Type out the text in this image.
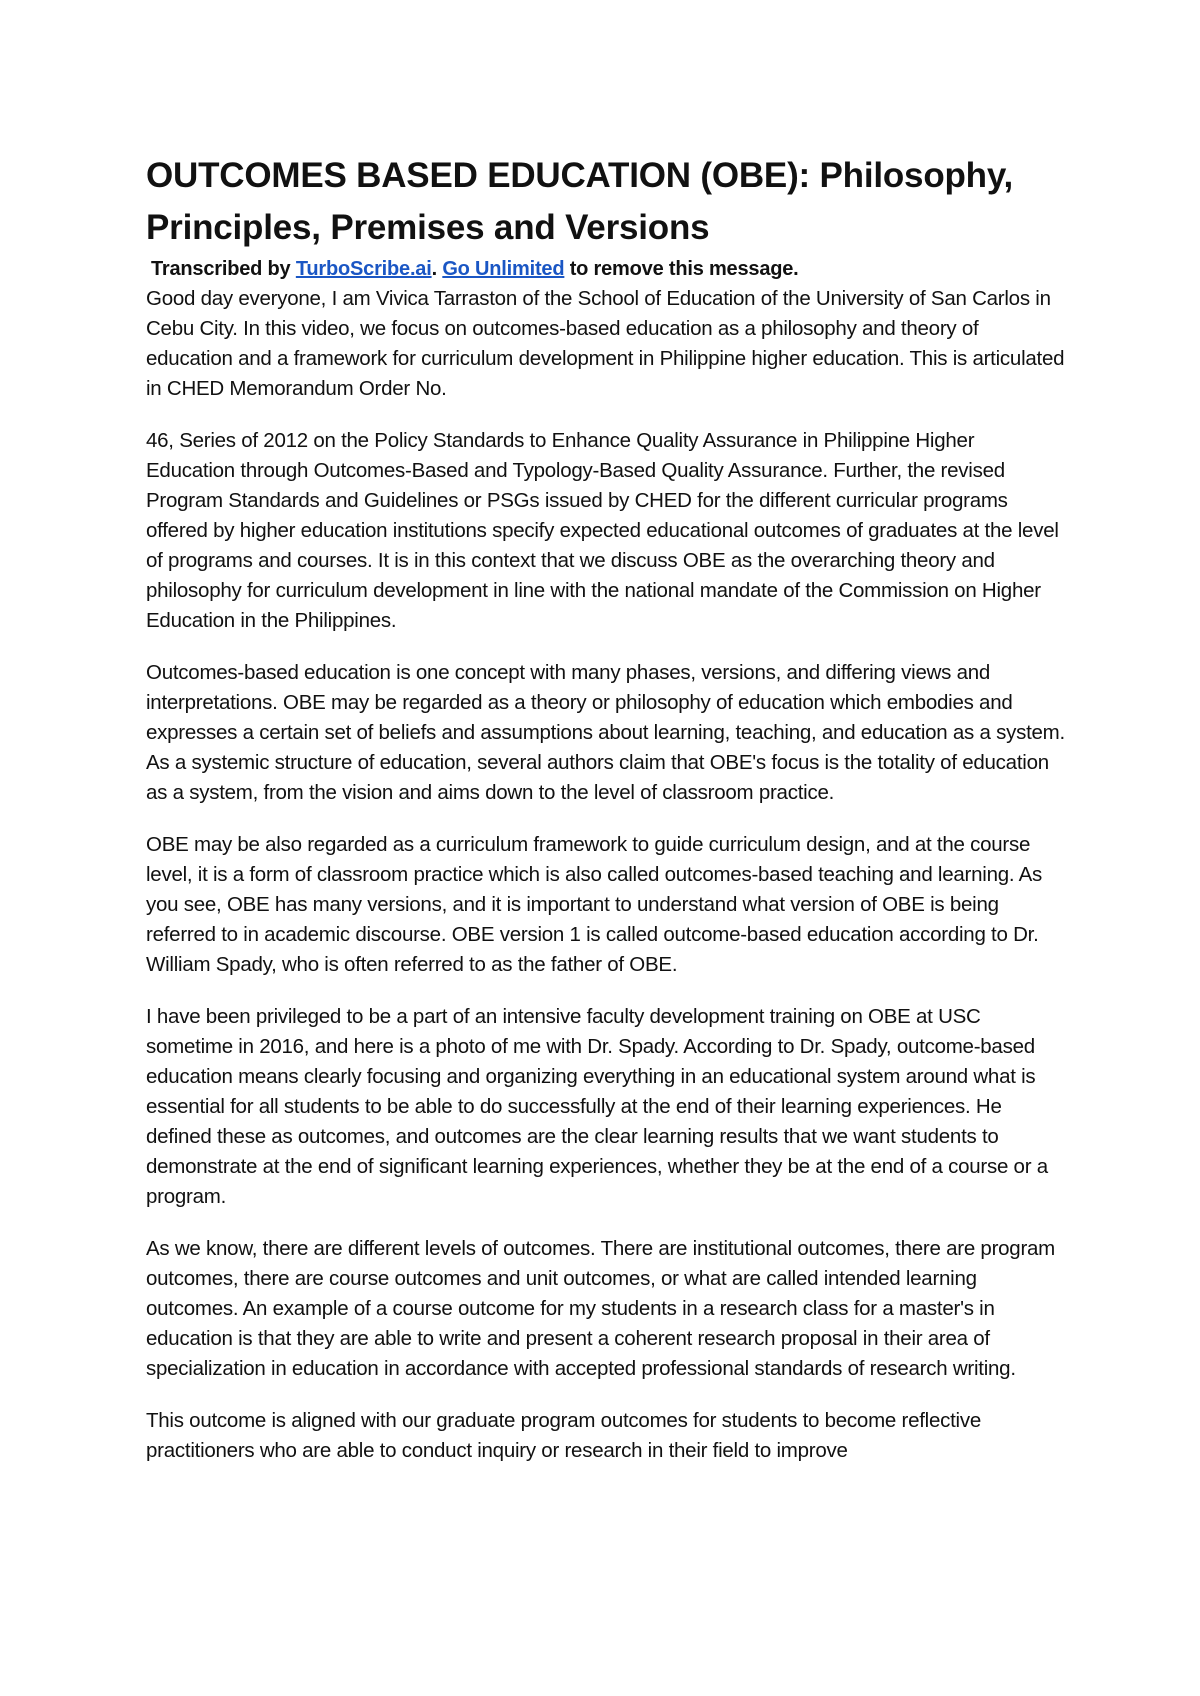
OUTCOMES BASED EDUCATION (OBE): Philosophy, Principles, Premises and Versions

Transcribed by TurboScribe.ai. Go Unlimited to remove this message.

Good day everyone, I am Vivica Tarraston of the School of Education of the University of San Carlos in Cebu City. In this video, we focus on outcomes-based education as a philosophy and theory of education and a framework for curriculum development in Philippine higher education. This is articulated in CHED Memorandum Order No.

46, Series of 2012 on the Policy Standards to Enhance Quality Assurance in Philippine Higher Education through Outcomes-Based and Typology-Based Quality Assurance. Further, the revised Program Standards and Guidelines or PSGs issued by CHED for the different curricular programs offered by higher education institutions specify expected educational outcomes of graduates at the level of programs and courses. It is in this context that we discuss OBE as the overarching theory and philosophy for curriculum development in line with the national mandate of the Commission on Higher Education in the Philippines.

Outcomes-based education is one concept with many phases, versions, and differing views and interpretations. OBE may be regarded as a theory or philosophy of education which embodies and expresses a certain set of beliefs and assumptions about learning, teaching, and education as a system. As a systemic structure of education, several authors claim that OBE's focus is the totality of education as a system, from the vision and aims down to the level of classroom practice.

OBE may be also regarded as a curriculum framework to guide curriculum design, and at the course level, it is a form of classroom practice which is also called outcomes-based teaching and learning. As you see, OBE has many versions, and it is important to understand what version of OBE is being referred to in academic discourse. OBE version 1 is called outcome-based education according to Dr. William Spady, who is often referred to as the father of OBE.

I have been privileged to be a part of an intensive faculty development training on OBE at USC sometime in 2016, and here is a photo of me with Dr. Spady. According to Dr. Spady, outcome-based education means clearly focusing and organizing everything in an educational system around what is essential for all students to be able to do successfully at the end of their learning experiences. He defined these as outcomes, and outcomes are the clear learning results that we want students to demonstrate at the end of significant learning experiences, whether they be at the end of a course or a program.

As we know, there are different levels of outcomes. There are institutional outcomes, there are program outcomes, there are course outcomes and unit outcomes, or what are called intended learning outcomes. An example of a course outcome for my students in a research class for a master's in education is that they are able to write and present a coherent research proposal in their area of specialization in education in accordance with accepted professional standards of research writing.

This outcome is aligned with our graduate program outcomes for students to become reflective practitioners who are able to conduct inquiry or research in their field to improve
